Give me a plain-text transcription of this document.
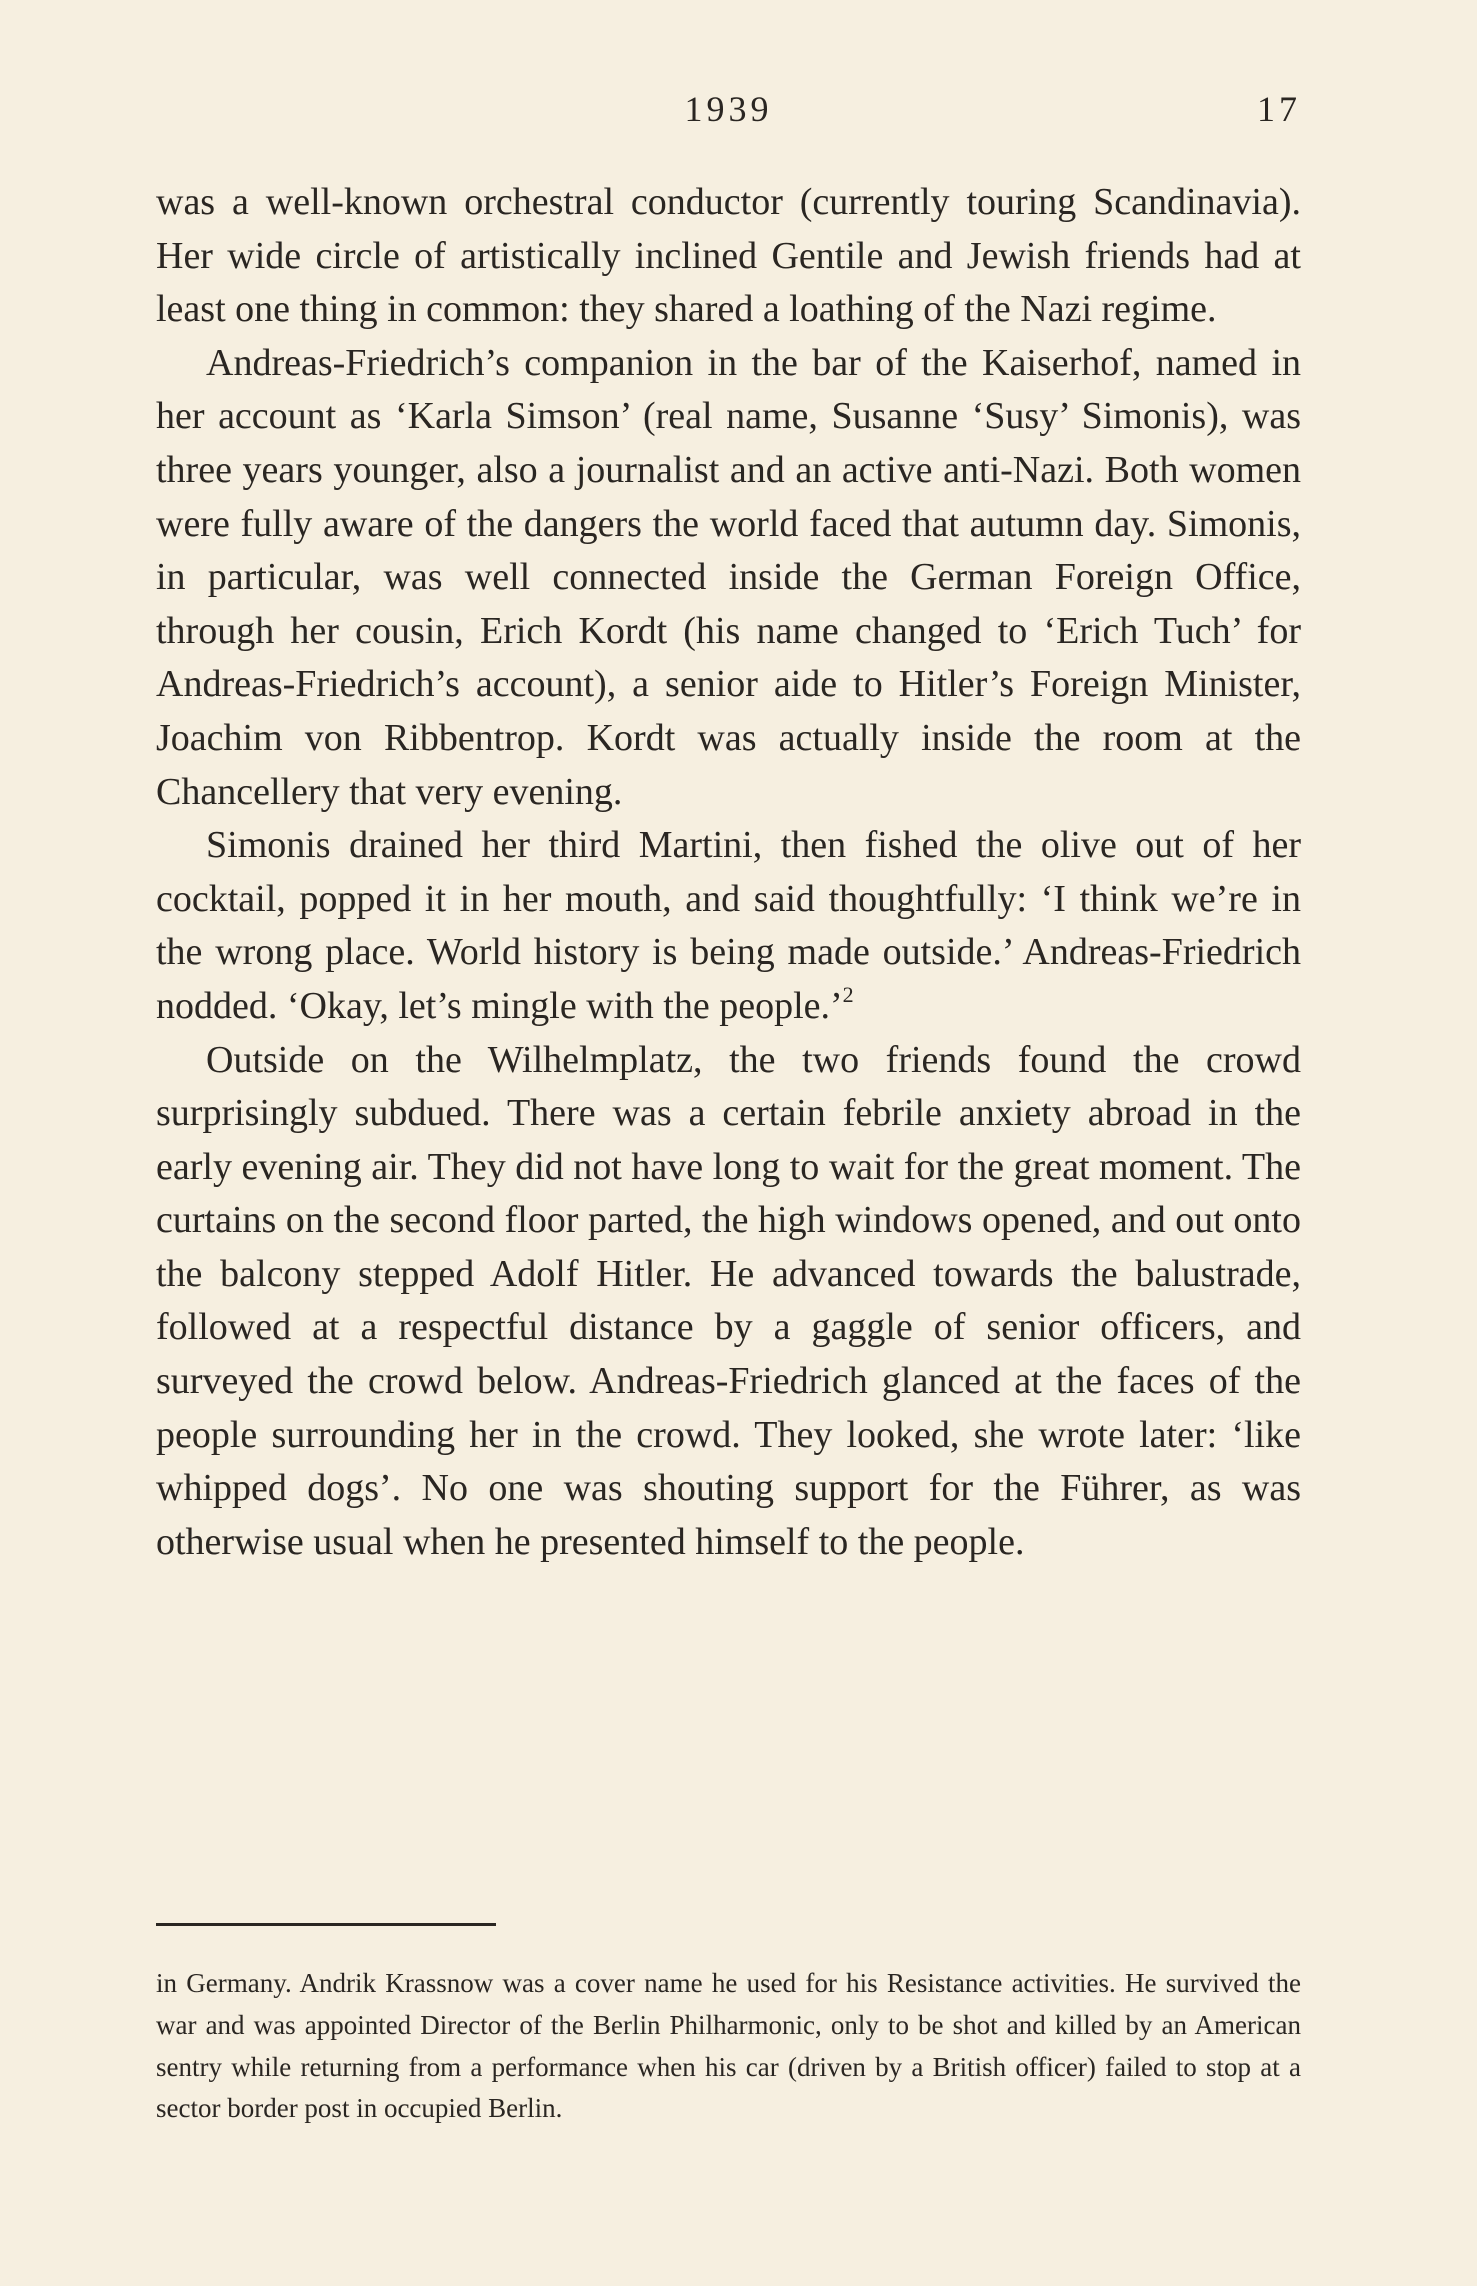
1939	17

was a well-known orchestral conductor (currently touring Scandinavia). Her wide circle of artistically inclined Gentile and Jewish friends had at least one thing in common: they shared a loathing of the Nazi regime.

Andreas-Friedrich’s companion in the bar of the Kaiserhof, named in her account as ‘Karla Simson’ (real name, Susanne ‘Susy’ Simonis), was three years younger, also a journalist and an active anti-Nazi. Both women were fully aware of the dangers the world faced that autumn day. Simonis, in particular, was well connected inside the German Foreign Office, through her cousin, Erich Kordt (his name changed to ‘Erich Tuch’ for Andreas-Friedrich’s account), a senior aide to Hitler’s Foreign Minister, Joachim von Ribbentrop. Kordt was actually inside the room at the Chancellery that very evening.

Simonis drained her third Martini, then fished the olive out of her cocktail, popped it in her mouth, and said thoughtfully: ‘I think we’re in the wrong place. World history is being made outside.’ Andreas-Friedrich nodded. ‘Okay, let’s mingle with the people.’$^2$

Outside on the Wilhelmplatz, the two friends found the crowd surprisingly subdued. There was a certain febrile anxiety abroad in the early evening air. They did not have long to wait for the great moment. The curtains on the second floor parted, the high windows opened, and out onto the balcony stepped Adolf Hitler. He advanced towards the balustrade, followed at a respectful distance by a gaggle of senior officers, and surveyed the crowd below. Andreas-Friedrich glanced at the faces of the people surrounding her in the crowd. They looked, she wrote later: ‘like whipped dogs’. No one was shouting support for the Führer, as was otherwise usual when he presented himself to the people.

in Germany. Andrik Krassnow was a cover name he used for his Resistance activities. He survived the war and was appointed Director of the Berlin Philharmonic, only to be shot and killed by an American sentry while returning from a performance when his car (driven by a British officer) failed to stop at a sector border post in occupied Berlin.
